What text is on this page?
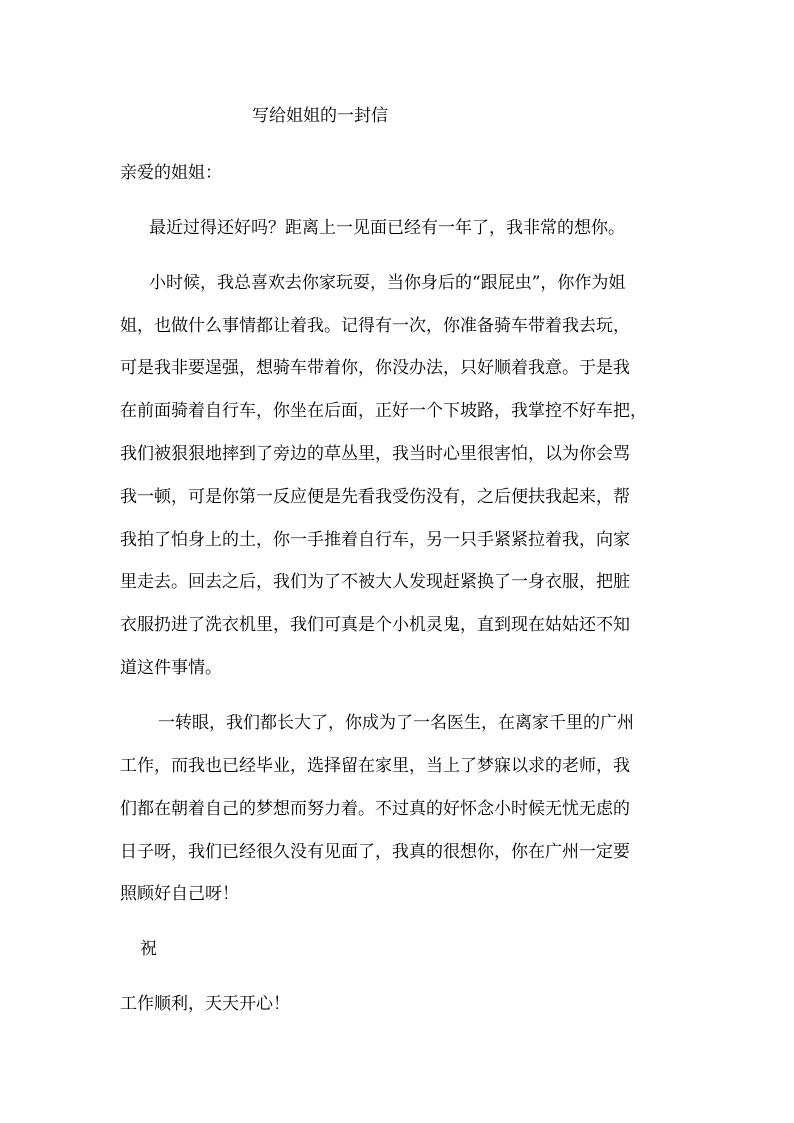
写给姐姐的一封信
亲爱的姐姐：
最近过得还好吗？距离上一见面已经有一年了，我非常的想你。
小时候，我总喜欢去你家玩耍，当你身后的“跟屁虫”，你作为姐
姐，也做什么事情都让着我。记得有一次，你准备骑车带着我去玩，
可是我非要逞强，想骑车带着你，你没办法，只好顺着我意。于是我
在前面骑着自行车，你坐在后面，正好一个下坡路，我掌控不好车把，
我们被狠狠地摔到了旁边的草丛里，我当时心里很害怕，以为你会骂
我一顿，可是你第一反应便是先看我受伤没有，之后便扶我起来，帮
我拍了怕身上的土，你一手推着自行车，另一只手紧紧拉着我，向家
里走去。回去之后，我们为了不被大人发现赶紧换了一身衣服，把脏
衣服扔进了洗衣机里，我们可真是个小机灵鬼，直到现在姑姑还不知
道这件事情。
一转眼，我们都长大了，你成为了一名医生，在离家千里的广州
工作，而我也已经毕业，选择留在家里，当上了梦寐以求的老师，我
们都在朝着自己的梦想而努力着。不过真的好怀念小时候无忧无虑的
日子呀，我们已经很久没有见面了，我真的很想你，你在广州一定要
照顾好自己呀！
祝
工作顺利，天天开心！
